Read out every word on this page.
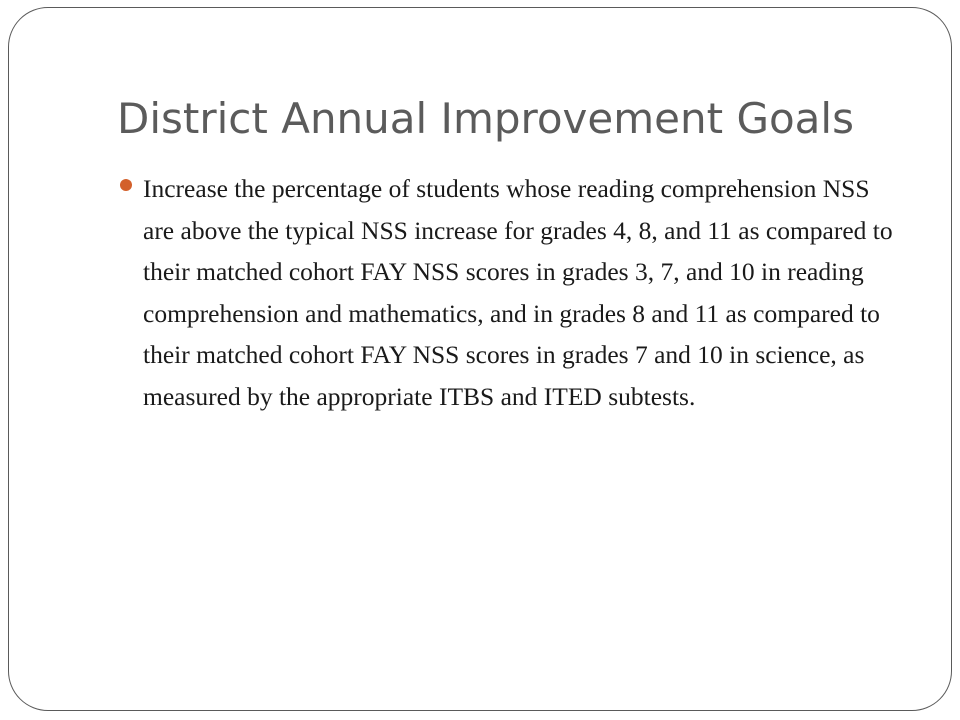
District Annual Improvement Goals
Increase the percentage of students whose reading comprehension NSS are above the typical NSS increase for grades 4, 8, and 11 as compared to their matched cohort FAY NSS scores in grades 3, 7, and 10 in reading comprehension and mathematics, and in grades 8 and 11 as compared to their matched cohort FAY NSS scores in grades 7 and 10 in science, as measured by the appropriate ITBS and ITED subtests.
